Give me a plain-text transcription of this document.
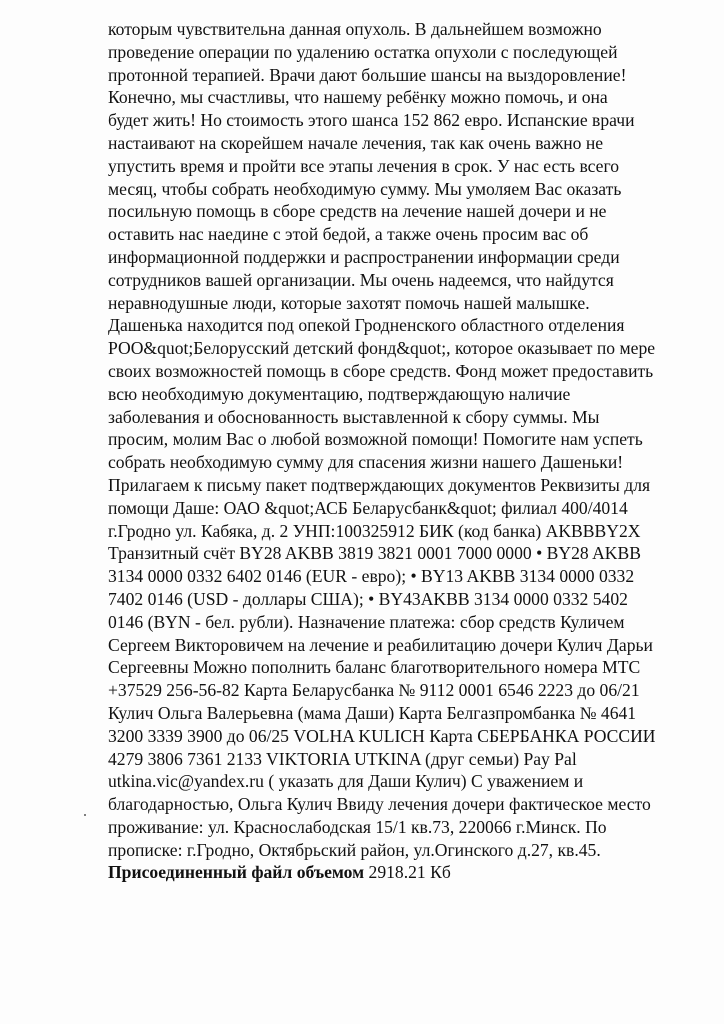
которым чувствительна данная опухоль. В дальнейшем возможно
проведение операции по удалению остатка опухоли с последующей
протонной терапией. Врачи дают большие шансы на выздоровление!
Конечно, мы счастливы, что нашему ребёнку можно помочь, и она
будет жить! Но стоимость этого шанса 152 862 евро. Испанские врачи
настаивают на скорейшем начале лечения, так как очень важно не
упустить время и пройти все этапы лечения в срок. У нас есть всего
месяц, чтобы собрать необходимую сумму. Мы умоляем Вас оказать
посильную помощь в сборе средств на лечение нашей дочери и не
оставить нас наедине с этой бедой, а также очень просим вас об
информационной поддержки и распространении информации среди
сотрудников вашей организации. Мы очень надеемся, что найдутся
неравнодушные люди, которые захотят помочь нашей малышке.
Дашенька находится под опекой Гродненского областного отделения
РОО&quot;Белорусский детский фонд&quot;, которое оказывает по мере
своих возможностей помощь в сборе средств. Фонд может предоставить
всю необходимую документацию, подтверждающую наличие
заболевания и обоснованность выставленной к сбору суммы. Мы
просим, молим Вас о любой возможной помощи! Помогите нам успеть
собрать необходимую сумму для спасения жизни нашего Дашеньки!
Прилагаем к письму пакет подтверждающих документов Реквизиты для
помощи Даше: ОАО &quot;АСБ Беларусбанк&quot; филиал 400/4014
г.Гродно ул. Кабяка, д. 2 УНП:100325912 БИК (код банка) AKBBBY2X
Транзитный счёт BY28 AKBB 3819 3821 0001 7000 0000 • BY28 AKBB
3134 0000 0332 6402 0146 (EUR - евро); • BY13 AKBB 3134 0000 0332
7402 0146 (USD - доллары США); • BY43AKBB 3134 0000 0332 5402
0146 (BYN - бел. рубли). Назначение платежа: сбор средств Куличем
Сергеем Викторовичем на лечение и реабилитацию дочери Кулич Дарьи
Сергеевны Можно пополнить баланс благотворительного номера МТС
+37529 256-56-82 Карта Беларусбанка № 9112 0001 6546 2223 до 06/21
Кулич Ольга Валерьевна (мама Даши) Карта Белгазпромбанка № 4641
3200 3339 3900 до 06/25 VOLHA KULICH Карта СБЕРБАНКА РОССИИ
4279 3806 7361 2133 VIKTORIA UTKINA (друг семьи) Pay Pal
utkina.vic@yandex.ru ( указать для Даши Кулич) С уважением и
благодарностью, Ольга Кулич Ввиду лечения дочери фактическое место
проживание: ул. Краснослабодская 15/1 кв.73, 220066 г.Минск. По
прописке: г.Гродно, Октябрьский район, ул.Огинского д.27, кв.45.
Присоединенный файл объемом 2918.21 Кб
